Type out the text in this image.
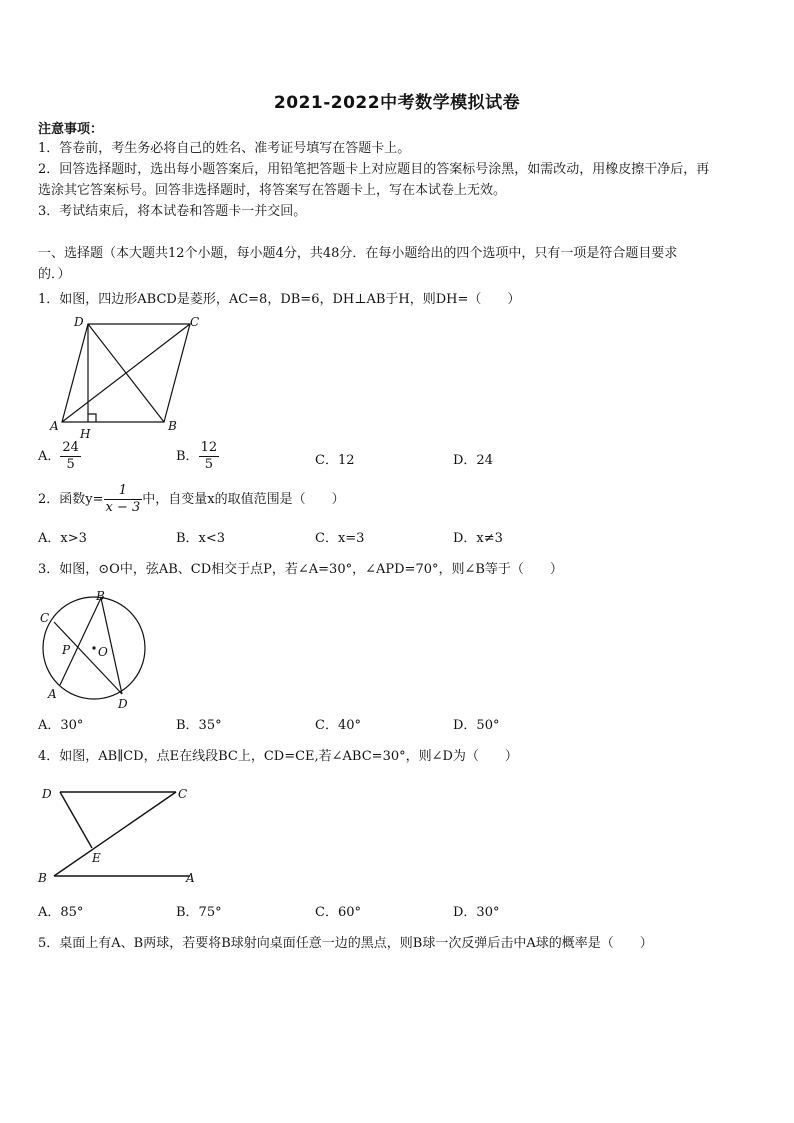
2021-2022中考数学模拟试卷
注意事项：
1．答卷前，考生务必将自己的姓名、准考证号填写在答题卡上。
2．回答选择题时，选出每小题答案后，用铅笔把答题卡上对应题目的答案标号涂黑，如需改动，用橡皮擦干净后，再
选涂其它答案标号。回答非选择题时，将答案写在答题卡上，写在本试卷上无效。
3．考试结束后，将本试卷和答题卡一并交回。
一、选择题（本大题共12个小题，每小题4分，共48分．在每小题给出的四个选项中，只有一项是符合题目要求
的．）
1．如图，四边形ABCD是菱形，AC=8，DB=6，DH⊥AB于H，则DH=（　　）
A	B
C
D
H
A． $\frac{24}{5}$	B． $\frac{12}{5}$	C．12	D．24
2．函数$y= \frac{1}{x - 3}$ 中，自变量x的取值范围是（　　）
A．x>3	B．x<3	C．x=3	D．x≠3
3．如图，⊙O中，弦AB、CD相交于点P，若∠A=30°，∠APD=70°，则∠B等于（　　）
B
C
P O
A
D
A．30°	B．35°	C．40°	D．50°
4．如图，AB∥CD，点E在线段BC上，CD=CE,若∠ABC=30°，则∠D为（　　）
D	C
E
B	A
A．85°	B．75°	C．60°	D．30°
5．桌面上有A、B两球，若要将B球射向桌面任意一边的黑点，则B球一次反弹后击中A球的概率是（　　）
